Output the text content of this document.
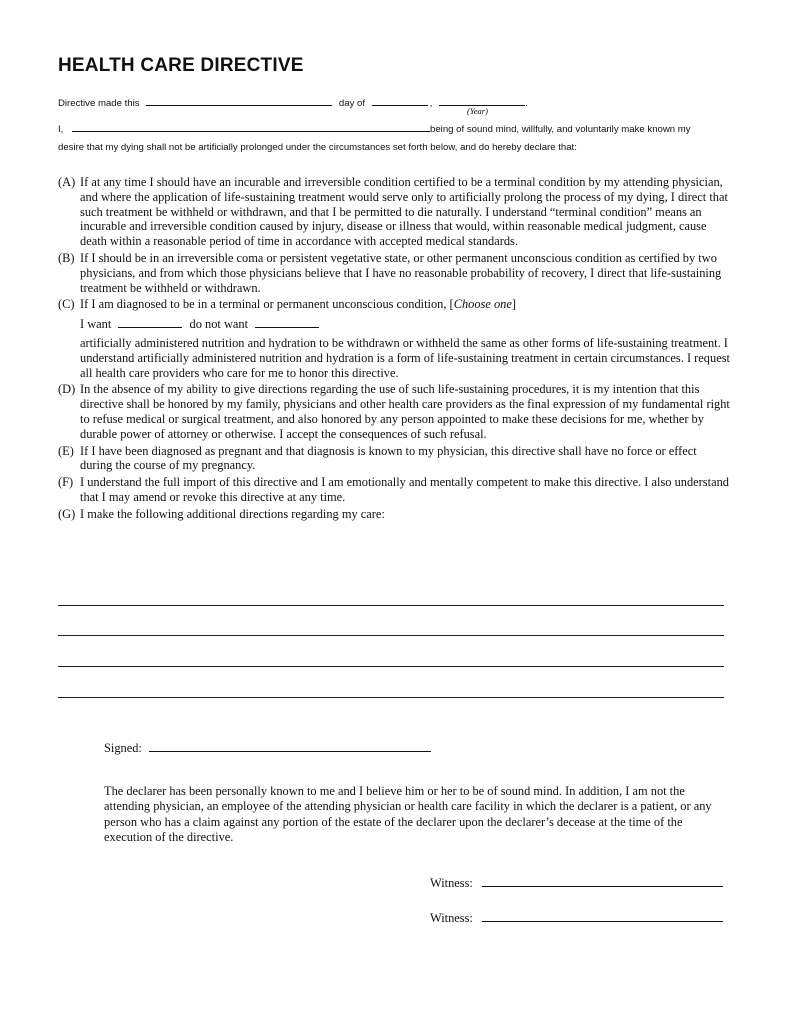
HEALTH CARE DIRECTIVE
Directive made this	day of	,	.
(Year)
I,	being of sound mind, willfully, and voluntarily make known my
desire that my dying shall not be artificially prolonged under the circumstances set forth below, and do hereby declare that:
(A) If at any time I should have an incurable and irreversible condition certified to be a terminal condition by my attending physician, and where the application of life-sustaining treatment would serve only to artificially prolong the process of my dying, I direct that such treatment be withheld or withdrawn, and that I be permitted to die naturally. I understand “terminal condition” means an incurable and irreversible condition caused by injury, disease or illness that would, within reasonable medical judgment, cause death within a reasonable period of time in accordance with accepted medical standards.
(B) If I should be in an irreversible coma or persistent vegetative state, or other permanent unconscious condition as certified by two physicians, and from which those physicians believe that I have no reasonable probability of recovery, I direct that life-sustaining treatment be withheld or withdrawn.
(C) If I am diagnosed to be in a terminal or permanent unconscious condition, [Choose one]
I want	do not want
artificially administered nutrition and hydration to be withdrawn or withheld the same as other forms of life-sustaining treatment. I understand artificially administered nutrition and hydration is a form of life-sustaining treatment in certain circumstances. I request all health care providers who care for me to honor this directive.
(D) In the absence of my ability to give directions regarding the use of such life-sustaining procedures, it is my intention that this directive shall be honored by my family, physicians and other health care providers as the final expression of my fundamental right to refuse medical or surgical treatment, and also honored by any person appointed to make these decisions for me, whether by durable power of attorney or otherwise. I accept the consequences of such refusal.
(E) If I have been diagnosed as pregnant and that diagnosis is known to my physician, this directive shall have no force or effect during the course of my pregnancy.
(F) I understand the full import of this directive and I am emotionally and mentally competent to make this directive. I also understand that I may amend or revoke this directive at any time.
(G) I make the following additional directions regarding my care:
Signed:
The declarer has been personally known to me and I believe him or her to be of sound mind. In addition, I am not the attending physician, an employee of the attending physician or health care facility in which the declarer is a patient, or any person who has a claim against any portion of the estate of the declarer upon the declarer’s decease at the time of the execution of the directive.
Witness:
Witness:
